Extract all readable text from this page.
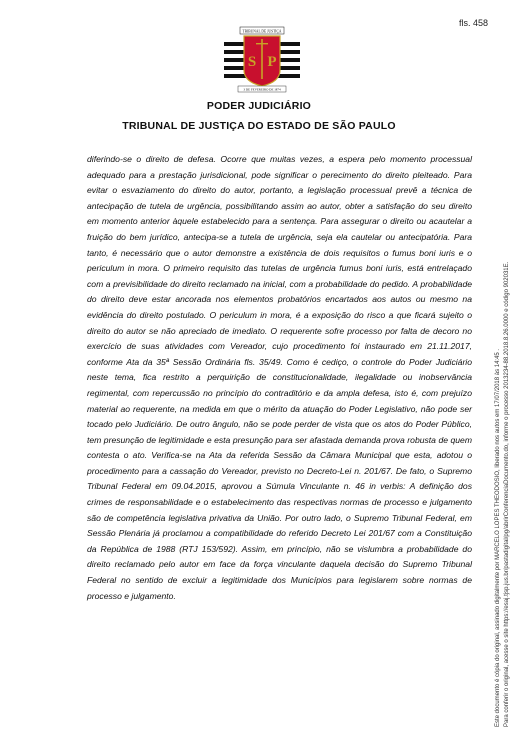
fls. 458
TRIBUNAL DE JUSTIÇA
S P
3 DE FEVEREIRO DE 1874
PODER JUDICIÁRIO
TRIBUNAL DE JUSTIÇA DO ESTADO DE SÃO PAULO

diferindo-se o direito de defesa. Ocorre que muitas vezes, a espera pelo momento processual adequado para a prestação jurisdicional, pode significar o perecimento do direito pleiteado. Para evitar o esvaziamento do direito do autor, portanto, a legislação processual prevê a técnica de antecipação de tutela de urgência, possibilitando assim ao autor, obter a satisfação do seu direito em momento anterior àquele estabelecido para a sentença. Para assegurar o direito ou acautelar a fruição do bem jurídico, antecipa-se a tutela de urgência, seja ela cautelar ou antecipatória. Para tanto, é necessário que o autor demonstre a existência de dois requisitos o fumus boni iuris e o periculum in mora. O primeiro requisito das tutelas de urgência fumus boni iuris, está entrelaçado com a previsibilidade do direito reclamado na inicial, com a probabilidade do pedido. A probabilidade do direito deve estar ancorada nos elementos probatórios encartados aos autos ou mesmo na evidência do direito postulado. O periculum in mora, é a exposição do risco a que ficará sujeito o direito do autor se não apreciado de imediato. O requerente sofre processo por falta de decoro no exercício de suas atividades com Vereador, cujo procedimento foi instaurado em 21.11.2017, conforme Ata da 35ª Sessão Ordinária fls. 35/49. Como é cediço, o controle do Poder Judiciário neste tema, fica restrito a perquirição de constitucionalidade, ilegalidade ou inobservância regimental, com repercussão no princípio do contraditório e da ampla defesa, isto é, com prejuízo material ao requerente, na medida em que o mérito da atuação do Poder Legislativo, não pode ser tocado pelo Judiciário. De outro ângulo, não se pode perder de vista que os atos do Poder Público, tem presunção de legitimidade e esta presunção para ser afastada demanda prova robusta de quem contesta o ato. Verifica-se na Ata da referida Sessão da Câmara Municipal que esta, adotou o procedimento para a cassação do Vereador, previsto no Decreto-Lei n. 201/67. De fato, o Supremo Tribunal Federal em 09.04.2015, aprovou a Súmula Vinculante n. 46 in verbis: A definição dos crimes de responsabilidade e o estabelecimento das respectivas normas de processo e julgamento são de competência legislativa privativa da União. Por outro lado, o Supremo Tribunal Federal, em Sessão Plenária já proclamou a compatibilidade do referido Decreto Lei 201/67 com a Constituição da República de 1988 (RTJ 153/592). Assim, em princípio, não se vislumbra a probabilidade do direito reclamado pelo autor em face da força vinculante daquela decisão do Supremo Tribunal Federal no sentido de excluir a legitimidade dos Municípios para legislarem sobre normas de processo e julgamento.	Este documento é cópia do original, assinado digitalmente por MARCELO LOPES THEODOSIO, liberado nos autos em 17/07/2018 às 14:45 . Para conferir o original, acesse o site https://esaj.tjsp.jus.br/pastadigital/pg/abrirConferenciaDocumento.do, informe o processo 2013234-88.2018.8.26.0000 e código 902031E.
